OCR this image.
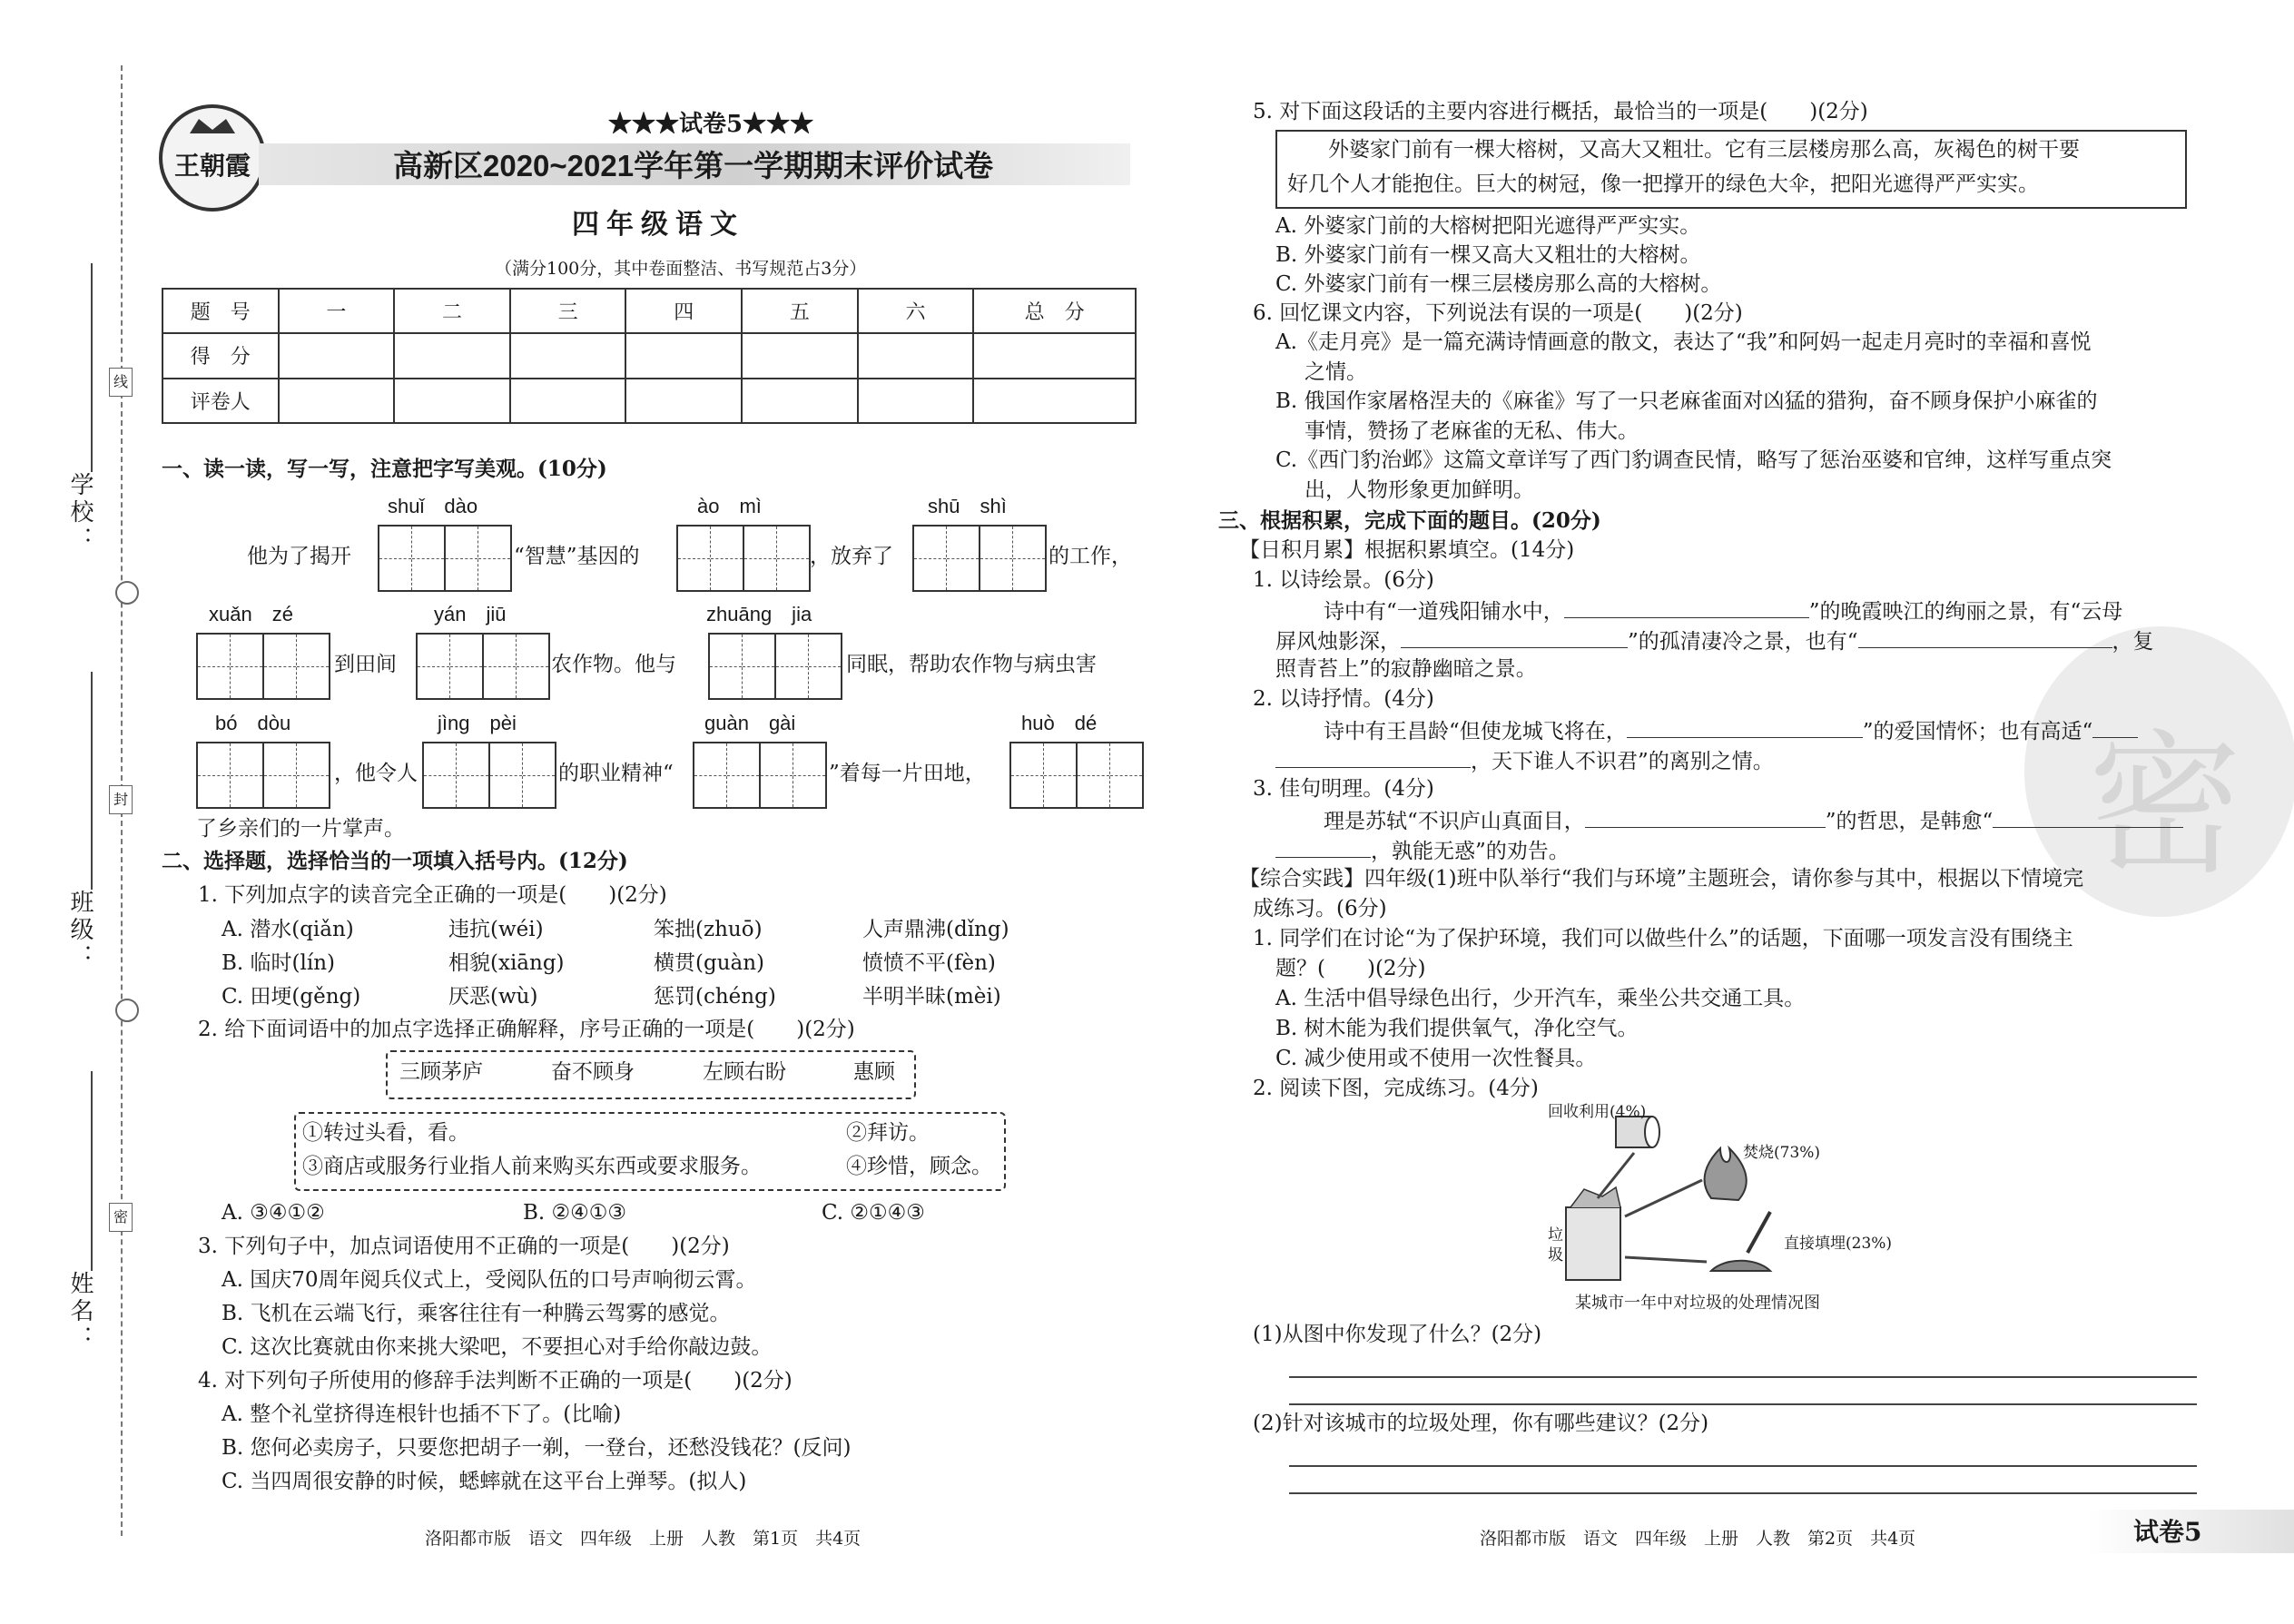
学校：
班级：
姓名：
线
封
密
王朝霞
★★★试卷5★★★
高新区2020~2021学年第一学期期末评价试卷
四年级语文
（满分100分，其中卷面整洁、书写规范占3分）
题　号	一	二	三	四	五	六	总　分
得　分							
评卷人							
一、读一读，写一写，注意把字写美观。(10分)
shuǐ　dào	ào　mì	shū　shì
他为了揭开	“智慧”基因的	，放弃了	的工作，
xuǎn　zé	yán　jiū	zhuāng　jia
到田间	农作物。他与	同眠，帮助农作物与病虫害
bó　dòu	jìng　pèi	guàn　gài	huò　dé
，他令人	的职业精神“	”着每一片田地，
了乡亲们的一片掌声。
二、选择题，选择恰当的一项填入括号内。(12分)
1. 下列加点字的读音完全正确的一项是(　　)(2分)
A. 潜水(qiǎn)	违抗(wéi)	笨拙(zhuō)	人声鼎沸(dǐng)
B. 临时(lín)	相貌(xiāng)	横贯(guàn)	愤愤不平(fèn)
C. 田埂(gěng)	厌恶(wù)	惩罚(chéng)	半明半昧(mèi)
2. 给下面词语中的加点字选择正确解释，序号正确的一项是(　　)(2分)
三顾茅庐	奋不顾身	左顾右盼	惠顾
①转过头看，看。	②拜访。
③商店或服务行业指人前来购买东西或要求服务。	④珍惜，顾念。
A. ③④①②	B. ②④①③	C. ②①④③
3. 下列句子中，加点词语使用不正确的一项是(　　)(2分)
A. 国庆70周年阅兵仪式上，受阅队伍的口号声响彻云霄。
B. 飞机在云端飞行，乘客往往有一种腾云驾雾的感觉。
C. 这次比赛就由你来挑大梁吧，不要担心对手给你敲边鼓。
4. 对下列句子所使用的修辞手法判断不正确的一项是(　　)(2分)
A. 整个礼堂挤得连根针也插不下了。(比喻)
B. 您何必卖房子，只要您把胡子一剃，一登台，还愁没钱花？(反问)
C. 当四周很安静的时候，蟋蟀就在这平台上弹琴。(拟人)
洛阳都市版　语文　四年级　上册　人教　第1页　共4页
密
5. 对下面这段话的主要内容进行概括，最恰当的一项是(　　)(2分)
外婆家门前有一棵大榕树，又高大又粗壮。它有三层楼房那么高，灰褐色的树干要
好几个人才能抱住。巨大的树冠，像一把撑开的绿色大伞，把阳光遮得严严实实。
A. 外婆家门前的大榕树把阳光遮得严严实实。
B. 外婆家门前有一棵又高大又粗壮的大榕树。
C. 外婆家门前有一棵三层楼房那么高的大榕树。
6. 回忆课文内容，下列说法有误的一项是(　　)(2分)
A.《走月亮》是一篇充满诗情画意的散文，表达了“我”和阿妈一起走月亮时的幸福和喜悦
之情。
B. 俄国作家屠格涅夫的《麻雀》写了一只老麻雀面对凶猛的猎狗，奋不顾身保护小麻雀的
事情，赞扬了老麻雀的无私、伟大。
C.《西门豹治邺》这篇文章详写了西门豹调查民情，略写了惩治巫婆和官绅，这样写重点突
出，人物形象更加鲜明。
三、根据积累，完成下面的题目。(20分)
【日积月累】根据积累填空。(14分)
1. 以诗绘景。(6分)
诗中有“一道残阳铺水中，	”的晚霞映江的绚丽之景，有“云母
屏风烛影深，	”的孤清凄冷之景，也有“	，复
照青苔上”的寂静幽暗之景。
2. 以诗抒情。(4分)
诗中有王昌龄“但使龙城飞将在，	”的爱国情怀；也有高适“
，天下谁人不识君”的离别之情。
3. 佳句明理。(4分)
理是苏轼“不识庐山真面目，	”的哲思，是韩愈“
，孰能无惑”的劝告。
【综合实践】四年级(1)班中队举行“我们与环境”主题班会，请你参与其中，根据以下情境完
成练习。(6分)
1. 同学们在讨论“为了保护环境，我们可以做些什么”的话题，下面哪一项发言没有围绕主
题？(　　)(2分)
A. 生活中倡导绿色出行，少开汽车，乘坐公共交通工具。
B. 树木能为我们提供氧气，净化空气。
C. 减少使用或不使用一次性餐具。
2. 阅读下图，完成练习。(4分)
回收利用(4%)
焚烧(73%)
直接填埋(23%)
垃圾
某城市一年中对垃圾的处理情况图
(1)从图中你发现了什么？(2分)
(2)针对该城市的垃圾处理，你有哪些建议？(2分)
洛阳都市版　语文　四年级　上册　人教　第2页　共4页	试卷5
